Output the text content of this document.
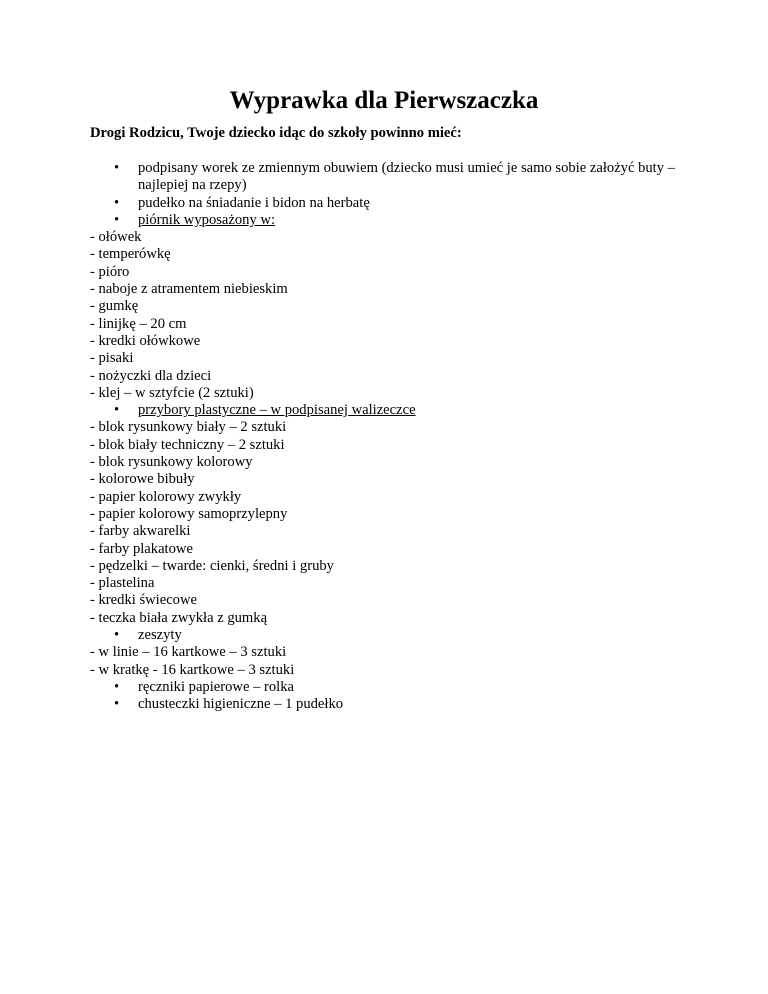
Wyprawka dla Pierwszaczka

Drogi Rodzicu, Twoje dziecko idąc do szkoły powinno mieć:

• podpisany worek ze zmiennym obuwiem (dziecko musi umieć je samo sobie założyć buty – najlepiej na rzepy)
• pudełko na śniadanie i bidon na herbatę
• piórnik wyposażony w:
- ołówek
- temperówkę
- pióro
- naboje z atramentem niebieskim
- gumkę
- linijkę – 20 cm
- kredki ołówkowe
- pisaki
- nożyczki dla dzieci
- klej – w sztyfcie (2 sztuki)
• przybory plastyczne – w podpisanej walizeczce
- blok rysunkowy biały – 2 sztuki
- blok biały techniczny – 2 sztuki
- blok rysunkowy kolorowy
- kolorowe bibuły
- papier kolorowy zwykły
- papier kolorowy samoprzylepny
- farby akwarelki
- farby plakatowe
- pędzelki – twarde: cienki, średni i gruby
- plastelina
- kredki świecowe
- teczka biała zwykła z gumką
• zeszyty
- w linie – 16 kartkowe – 3 sztuki
- w kratkę - 16 kartkowe – 3 sztuki
• ręczniki papierowe – rolka
• chusteczki higieniczne – 1 pudełko
